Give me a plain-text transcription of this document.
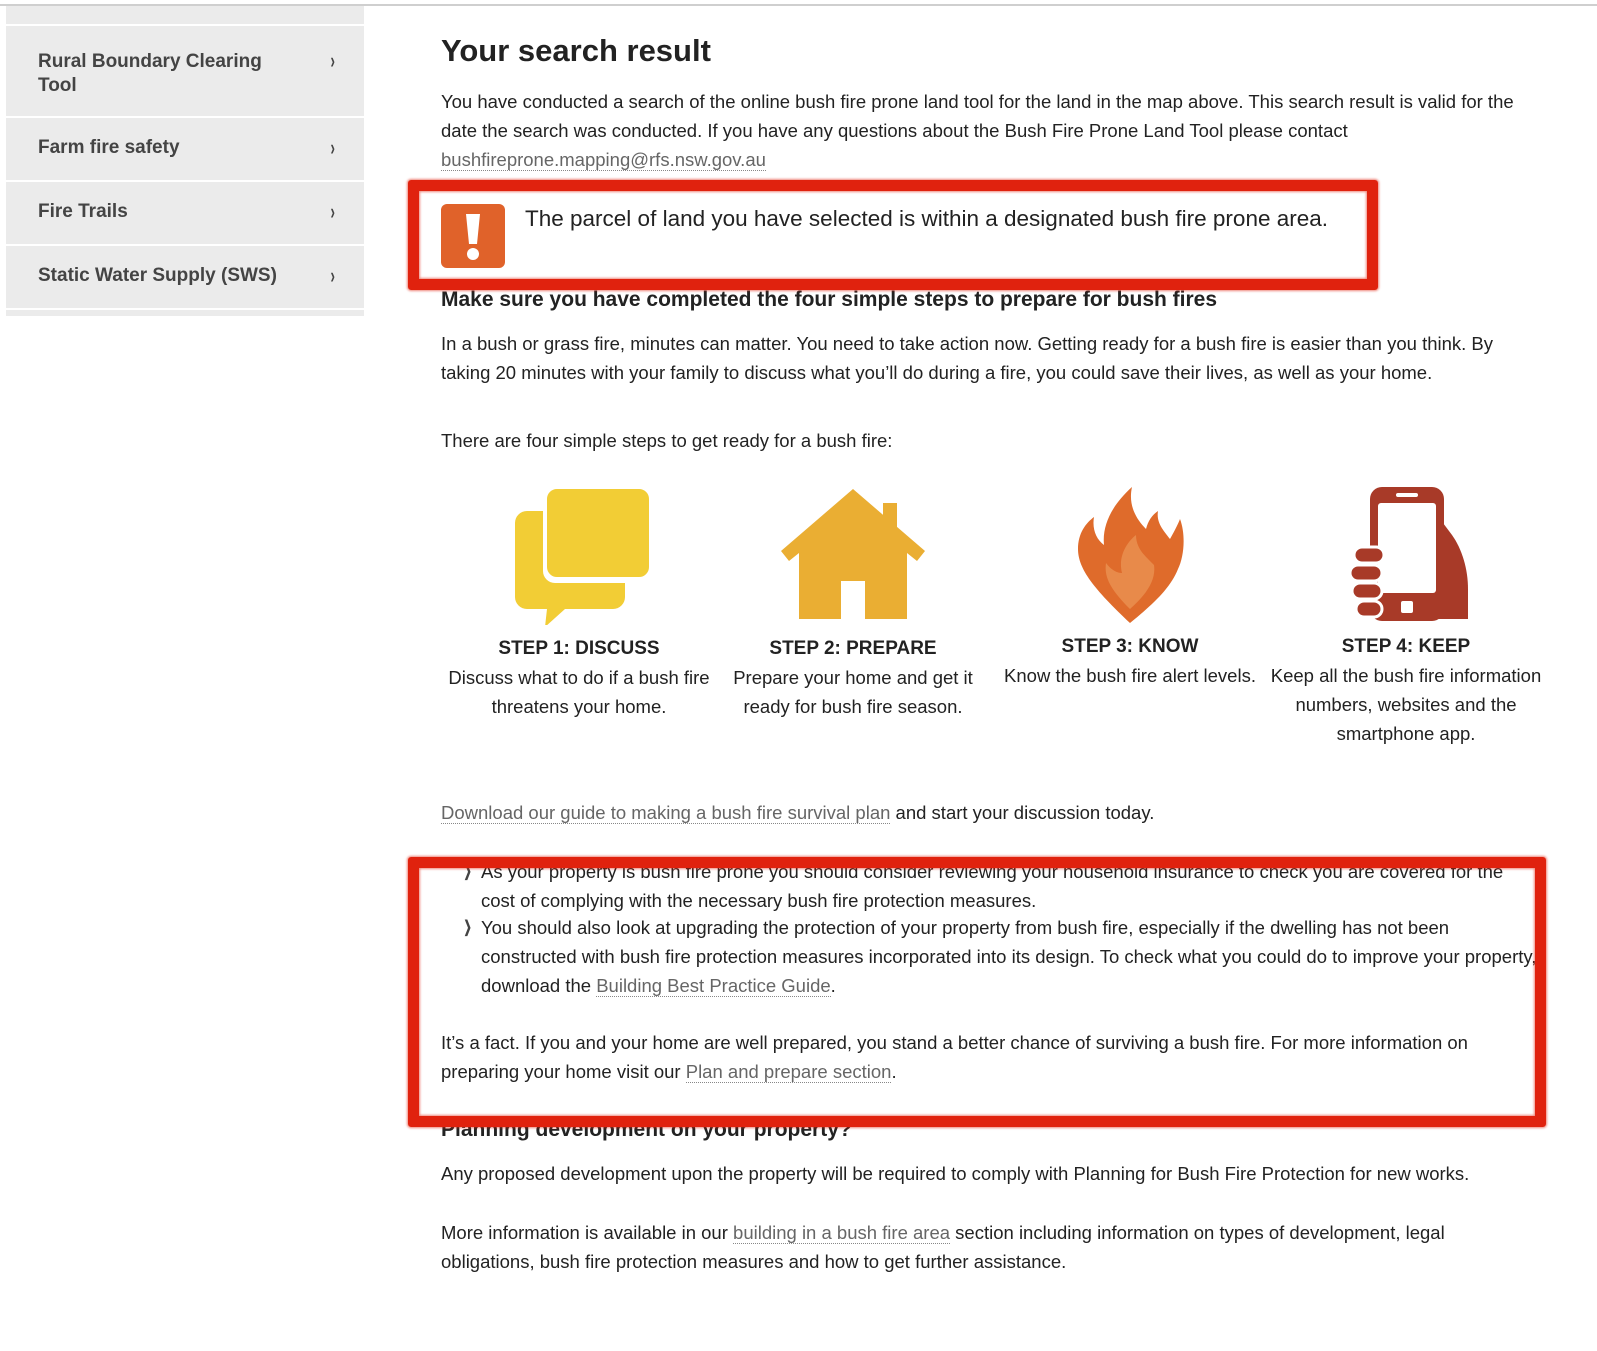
Rural Boundary Clearing
Tool
›
Farm fire safety	›
Fire Trails	›
Static Water Supply (SWS) ›
Your search result
You have conducted a search of the online bush fire prone land tool for the land in the map above. This search result is valid for the date the search was conducted. If you have any questions about the Bush Fire Prone Land Tool please contact bushfireprone.mapping@rfs.nsw.gov.au
The parcel of land you have selected is within a designated bush fire prone area.
Make sure you have completed the four simple steps to prepare for bush fires
In a bush or grass fire, minutes can matter. You need to take action now. Getting ready for a bush fire is easier than you think. By taking 20 minutes with your family to discuss what you’ll do during a fire, you could save their lives, as well as your home.
There are four simple steps to get ready for a bush fire:
STEP 1: DISCUSS
Discuss what to do if a bush fire threatens your home.
STEP 2: PREPARE
Prepare your home and get it ready for bush fire season.
STEP 3: KNOW
Know the bush fire alert levels.
STEP 4: KEEP
Keep all the bush fire information numbers, websites and the smartphone app.
Download our guide to making a bush fire survival plan and start your discussion today.
❯ As your property is bush fire prone you should consider reviewing your household insurance to check you are covered for the cost of complying with the necessary bush fire protection measures.
❯ You should also look at upgrading the protection of your property from bush fire, especially if the dwelling has not been constructed with bush fire protection measures incorporated into its design. To check what you could do to improve your property, download the Building Best Practice Guide.
It’s a fact. If you and your home are well prepared, you stand a better chance of surviving a bush fire. For more information on preparing your home visit our Plan and prepare section.
Planning development on your property?
Any proposed development upon the property will be required to comply with Planning for Bush Fire Protection for new works.
More information is available in our building in a bush fire area section including information on types of development, legal obligations, bush fire protection measures and how to get further assistance.
